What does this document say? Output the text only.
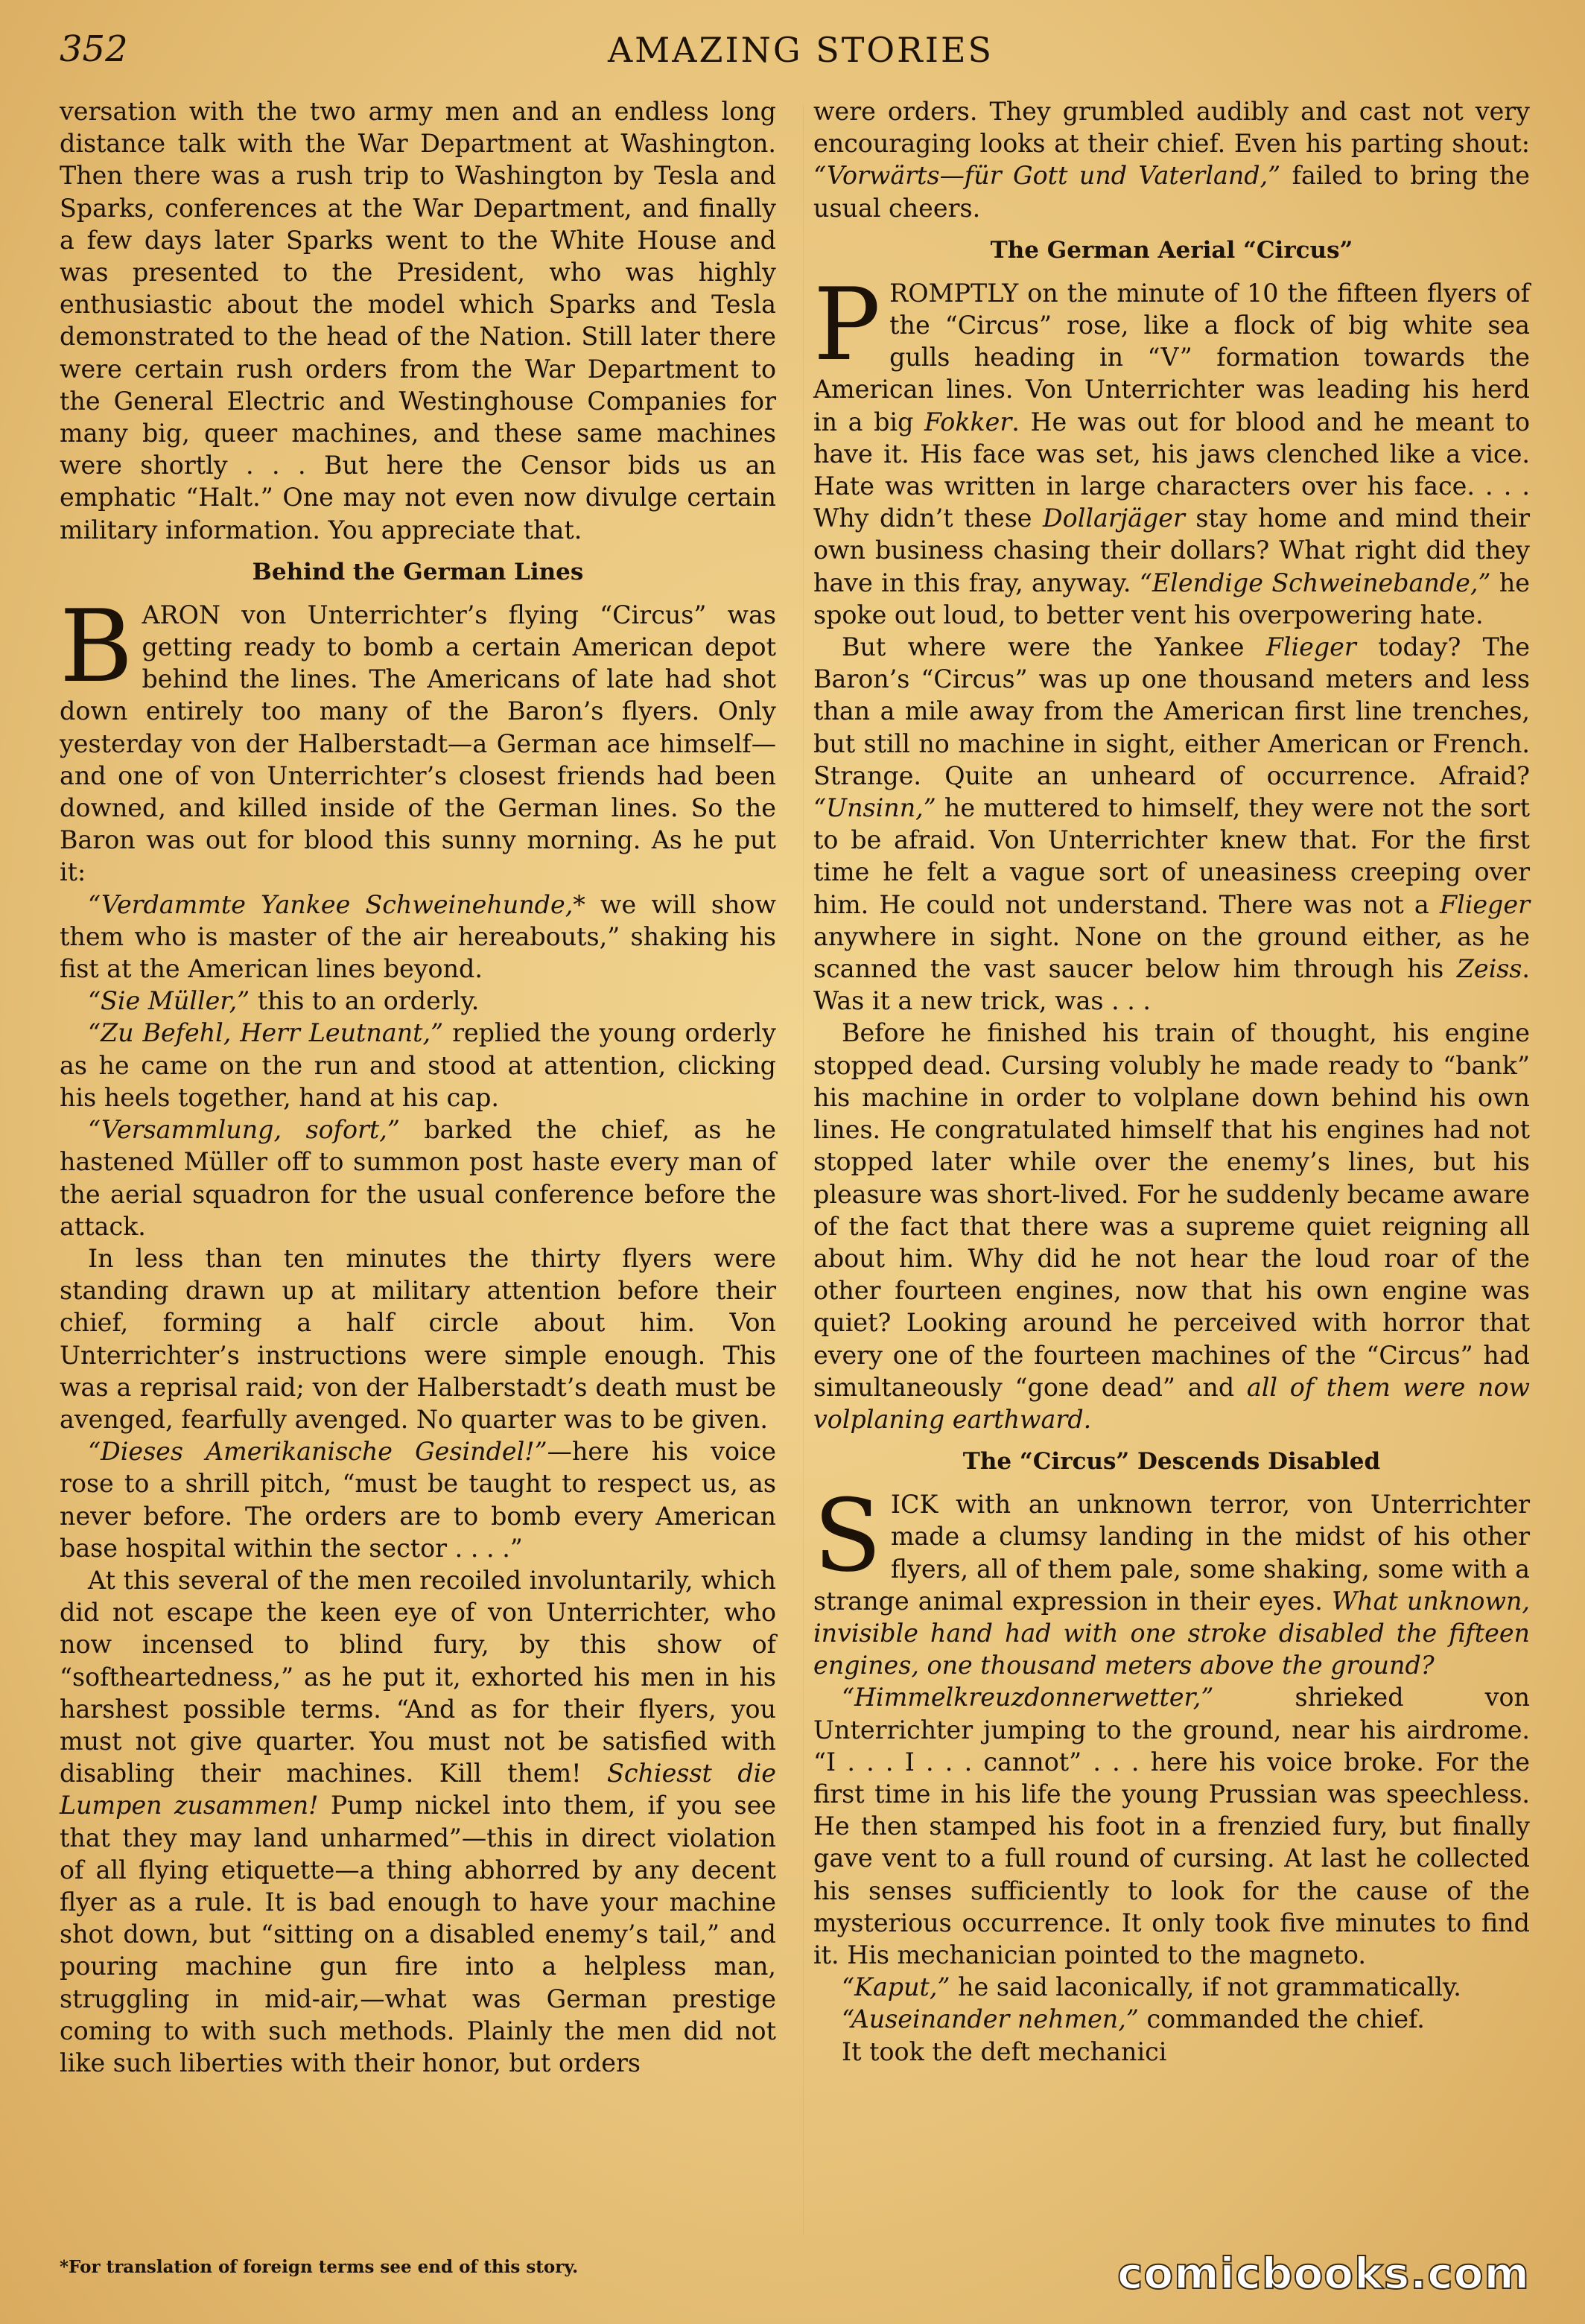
352	AMAZING STORIES

versation with the two army men and an endless long distance talk with the War Department at Washington. Then there was a rush trip to Washington by Tesla and Sparks, conferences at the War Department, and finally a few days later Sparks went to the White House and was presented to the President, who was highly enthusiastic about the model which Sparks and Tesla demonstrated to the head of the Nation. Still later there were certain rush orders from the War Department to the General Electric and Westinghouse Companies for many big, queer machines, and these same machines were shortly . . . But here the Censor bids us an emphatic “Halt.” One may not even now divulge certain military information. You appreciate that.

Behind the German Lines

BARON von Unterrichter’s flying “Circus” was getting ready to bomb a certain American depot behind the lines. The Americans of late had shot down entirely too many of the Baron’s flyers. Only yesterday von der Halberstadt—a German ace himself—and one of von Unterrichter’s closest friends had been downed, and killed inside of the German lines. So the Baron was out for blood this sunny morning. As he put it:

“Verdammte Yankee Schweinehunde,* we will show them who is master of the air hereabouts,” shaking his fist at the American lines beyond.

“Sie Müller,” this to an orderly.

“Zu Befehl, Herr Leutnant,” replied the young orderly as he came on the run and stood at attention, clicking his heels together, hand at his cap.

“Versammlung, sofort,” barked the chief, as he hastened Müller off to summon post haste every man of the aerial squadron for the usual conference before the attack.

In less than ten minutes the thirty flyers were standing drawn up at military attention before their chief, forming a half circle about him. Von Unterrichter’s instructions were simple enough. This was a reprisal raid; von der Halberstadt’s death must be avenged, fearfully avenged. No quarter was to be given.

“Dieses Amerikanische Gesindel!”—here his voice rose to a shrill pitch, “must be taught to respect us, as never before. The orders are to bomb every American base hospital within the sector . . . .”

At this several of the men recoiled involuntarily, which did not escape the keen eye of von Unterrichter, who now incensed to blind fury, by this show of “softheartedness,” as he put it, exhorted his men in his harshest possible terms. “And as for their flyers, you must not give quarter. You must not be satisfied with disabling their machines. Kill them! Schiesst die Lumpen zusammen! Pump nickel into them, if you see that they may land unharmed”—this in direct violation of all flying etiquette—a thing abhorred by any decent flyer as a rule. It is bad enough to have your machine shot down, but “sitting on a disabled enemy’s tail,” and pouring machine gun fire into a helpless man, struggling in mid-air,—what was German prestige coming to with such methods. Plainly the men did not like such liberties with their honor, but orders

were orders. They grumbled audibly and cast not very encouraging looks at their chief. Even his parting shout: “Vorwärts—für Gott und Vaterland,” failed to bring the usual cheers.

The German Aerial “Circus”

PROMPTLY on the minute of 10 the fifteen flyers of the “Circus” rose, like a flock of big white sea gulls heading in “V” formation towards the American lines. Von Unterrichter was leading his herd in a big Fokker. He was out for blood and he meant to have it. His face was set, his jaws clenched like a vice. Hate was written in large characters over his face. . . . Why didn’t these Dollarjäger stay home and mind their own business chasing their dollars? What right did they have in this fray, anyway. “Elendige Schweinebande,” he spoke out loud, to better vent his overpowering hate.

But where were the Yankee Flieger today? The Baron’s “Circus” was up one thousand meters and less than a mile away from the American first line trenches, but still no machine in sight, either American or French. Strange. Quite an unheard of occurrence. Afraid? “Unsinn,” he muttered to himself, they were not the sort to be afraid. Von Unterrichter knew that. For the first time he felt a vague sort of uneasiness creeping over him. He could not understand. There was not a Flieger anywhere in sight. None on the ground either, as he scanned the vast saucer below him through his Zeiss. Was it a new trick, was . . .

Before he finished his train of thought, his engine stopped dead. Cursing volubly he made ready to “bank” his machine in order to volplane down behind his own lines. He congratulated himself that his engines had not stopped later while over the enemy’s lines, but his pleasure was short-lived. For he suddenly became aware of the fact that there was a supreme quiet reigning all about him. Why did he not hear the loud roar of the other fourteen engines, now that his own engine was quiet? Looking around he perceived with horror that every one of the fourteen machines of the “Circus” had simultaneously “gone dead” and all of them were now volplaning earthward.

The “Circus” Descends Disabled

SICK with an unknown terror, von Unterrichter made a clumsy landing in the midst of his other flyers, all of them pale, some shaking, some with a strange animal expression in their eyes. What unknown, invisible hand had with one stroke disabled the fifteen engines, one thousand meters above the ground?

“Himmelkreuzdonnerwetter,” shrieked von Unterrichter jumping to the ground, near his airdrome. “I . . . I . . . cannot” . . . here his voice broke. For the first time in his life the young Prussian was speechless. He then stamped his foot in a frenzied fury, but finally gave vent to a full round of cursing. At last he collected his senses sufficiently to look for the cause of the mysterious occurrence. It only took five minutes to find it. His mechanician pointed to the magneto.

“Kaput,” he said laconically, if not grammatically.

“Auseinander nehmen,” commanded the chief.

It took the deft mechanici

*For translation of foreign terms see end of this story.	comicbooks.com
